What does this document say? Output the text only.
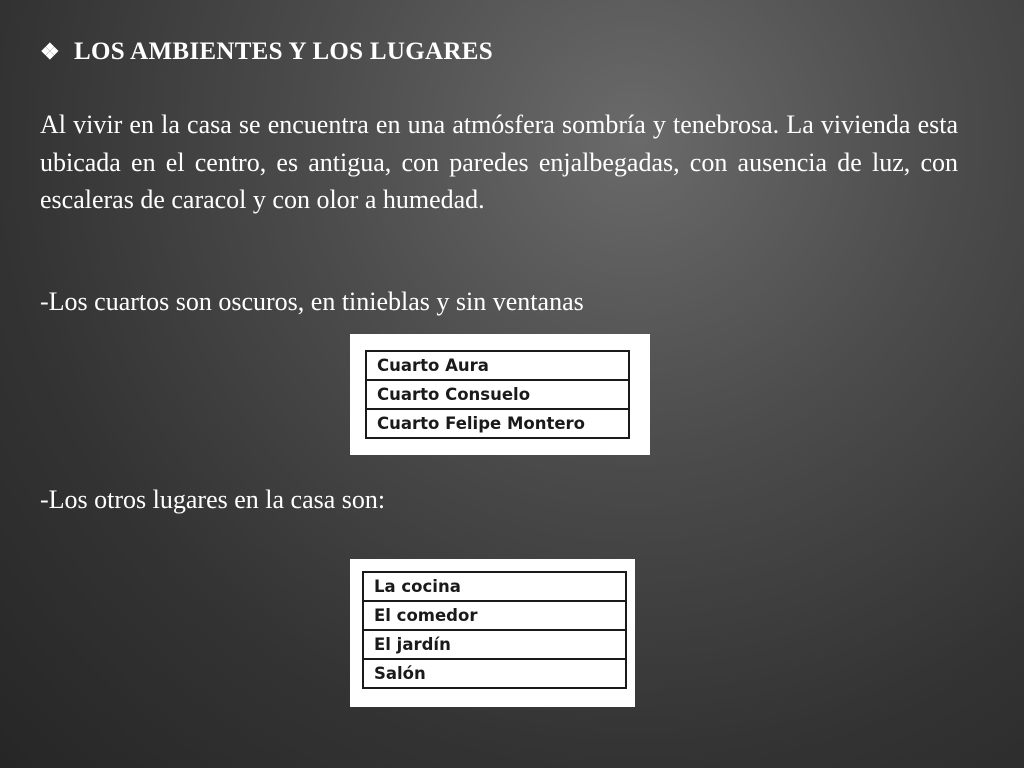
❖ LOS AMBIENTES Y LOS LUGARES
Al vivir en la casa se encuentra en una atmósfera sombría y tenebrosa. La vivienda esta ubicada en el centro, es antigua, con paredes enjalbegadas, con ausencia de luz, con escaleras de caracol y con olor a humedad.
-Los cuartos son oscuros, en tinieblas y sin ventanas
Cuarto Aura
Cuarto Consuelo
Cuarto Felipe Montero
-Los otros lugares en la casa son:
La cocina
El comedor
El jardín
Salón
